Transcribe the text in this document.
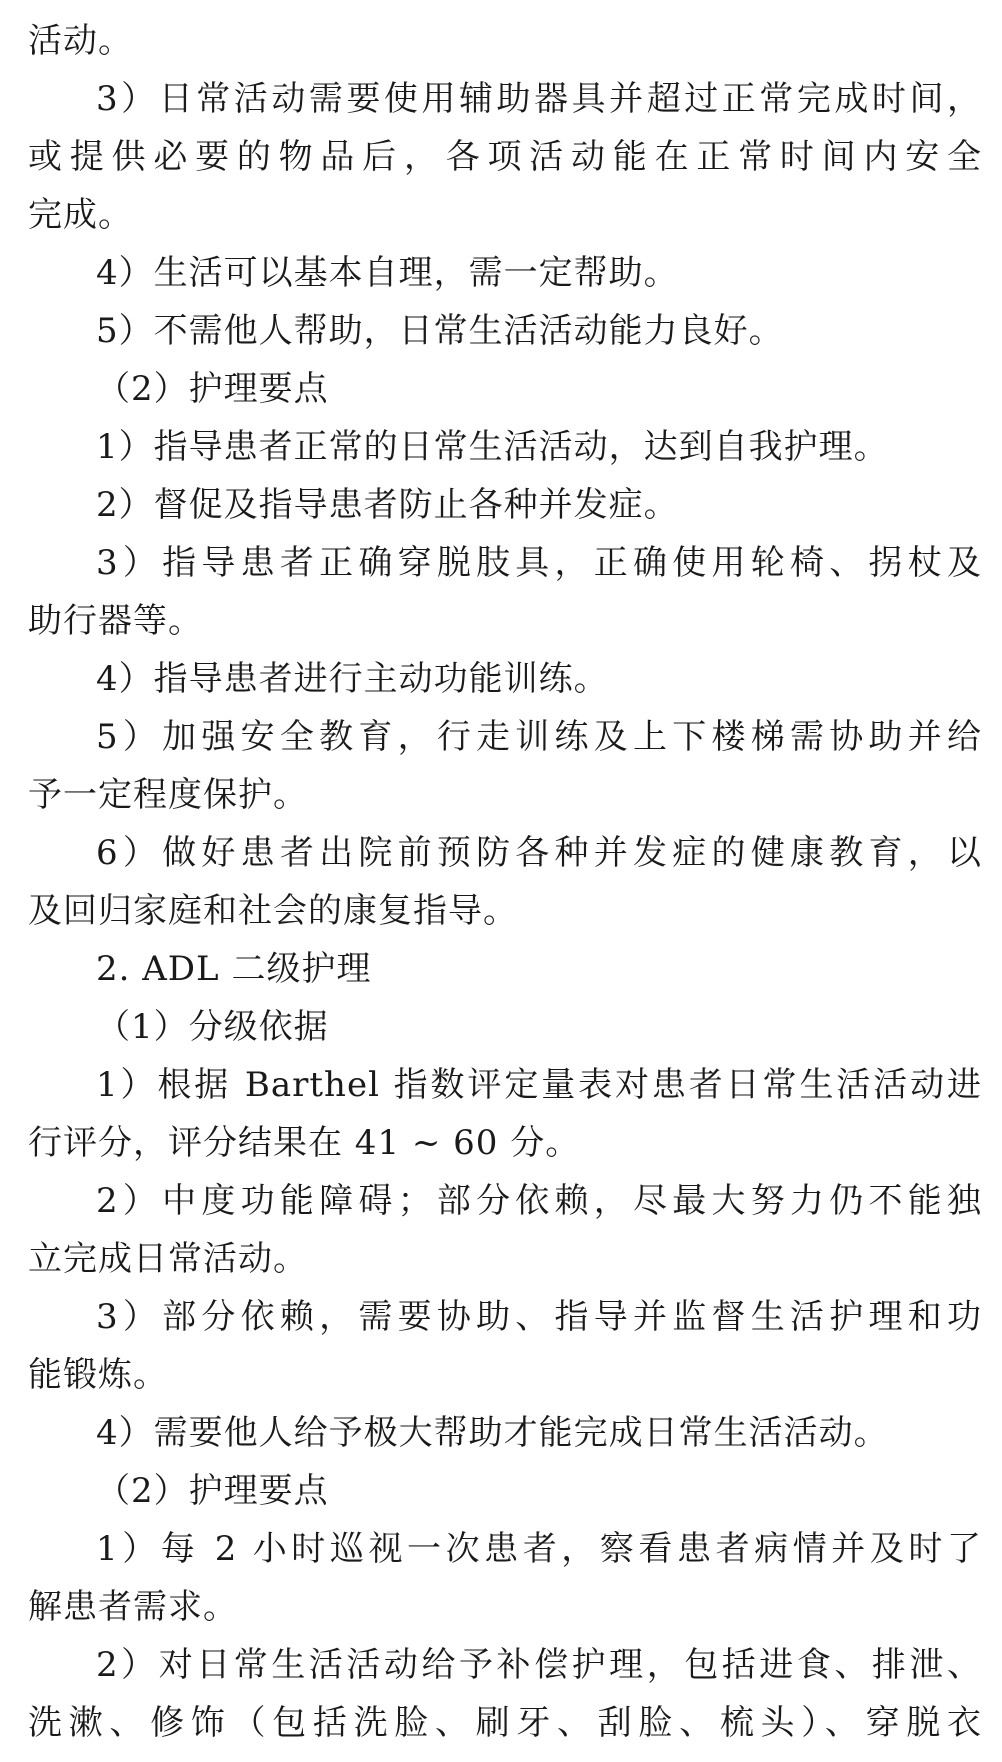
活动。
3）日常活动需要使用辅助器具并超过正常完成时间，
或提供必要的物品后，各项活动能在正常时间内安全
完成。
4）生活可以基本自理，需一定帮助。
5）不需他人帮助，日常生活活动能力良好。
（2）护理要点
1）指导患者正常的日常生活活动，达到自我护理。
2）督促及指导患者防止各种并发症。
3）指导患者正确穿脱肢具，正确使用轮椅、拐杖及
助行器等。
4）指导患者进行主动功能训练。
5）加强安全教育，行走训练及上下楼梯需协助并给
予一定程度保护。
6）做好患者出院前预防各种并发症的健康教育，以
及回归家庭和社会的康复指导。
2. ADL 二级护理
（1）分级依据
1）根据 Barthel 指数评定量表对患者日常生活活动进
行评分，评分结果在 41 ~ 60 分。
2）中度功能障碍；部分依赖，尽最大努力仍不能独
立完成日常活动。
3）部分依赖，需要协助、指导并监督生活护理和功
能锻炼。
4）需要他人给予极大帮助才能完成日常生活活动。
（2）护理要点
1）每 2 小时巡视一次患者，察看患者病情并及时了
解患者需求。
2）对日常生活活动给予补偿护理，包括进食、排泄、
洗漱、修饰（包括洗脸、刷牙、刮脸、梳头）、穿脱衣
